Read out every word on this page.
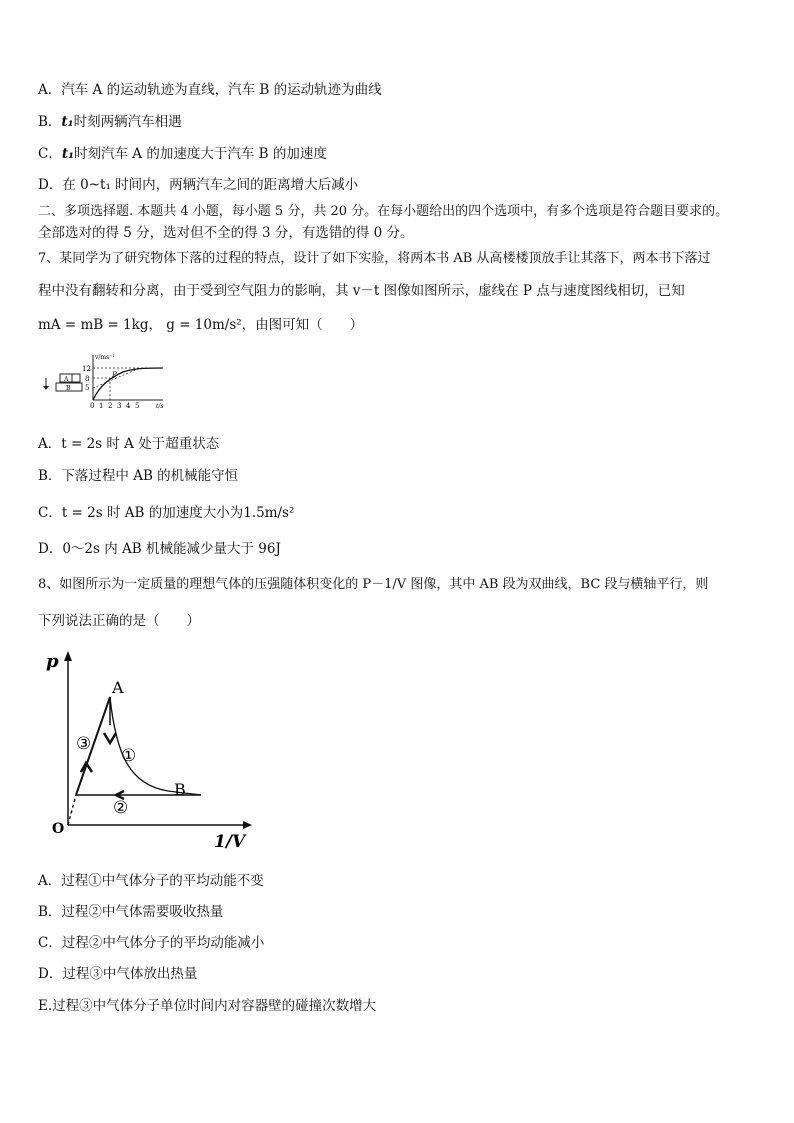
A．汽车 A 的运动轨迹为直线，汽车 B 的运动轨迹为曲线
B．t₁时刻两辆汽车相遇
C．t₁时刻汽车 A 的加速度大于汽车 B 的加速度
D．在 0~t₁ 时间内，两辆汽车之间的距离增大后减小
二、多项选择题. 本题共 4 小题，每小题 5 分，共 20 分。在每小题给出的四个选项中，有多个选项是符合题目要求的。
全部选对的得 5 分，选对但不全的得 3 分，有选错的得 0 分。
7、某同学为了研究物体下落的过程的特点，设计了如下实验，将两本书 AB 从高楼楼顶放手让其落下，两本书下落过
程中没有翻转和分离，由于受到空气阻力的影响，其 v－t 图像如图所示，虚线在 P 点与速度图线相切，已知
mA = mB = 1kg， g = 10m/s²，由图可知（　　）
A
B
v/ms⁻¹
t/s
12
8
5
P
0 1 2 3 4 5
A．t = 2s 时 A 处于超重状态
B．下落过程中 AB 的机械能守恒
C．t = 2s 时 AB 的加速度大小为1.5m/s²
D．0～2s 内 AB 机械能减少量大于 96J
8、如图所示为一定质量的理想气体的压强随体积变化的 P－1/V 图像，其中 AB 段为双曲线，BC 段与横轴平行，则
下列说法正确的是（　　）
p
1/V
O
A
B
①
②
③
A．过程①中气体分子的平均动能不变
B．过程②中气体需要吸收热量
C．过程②中气体分子的平均动能减小
D．过程③中气体放出热量
E.过程③中气体分子单位时间内对容器壁的碰撞次数增大
